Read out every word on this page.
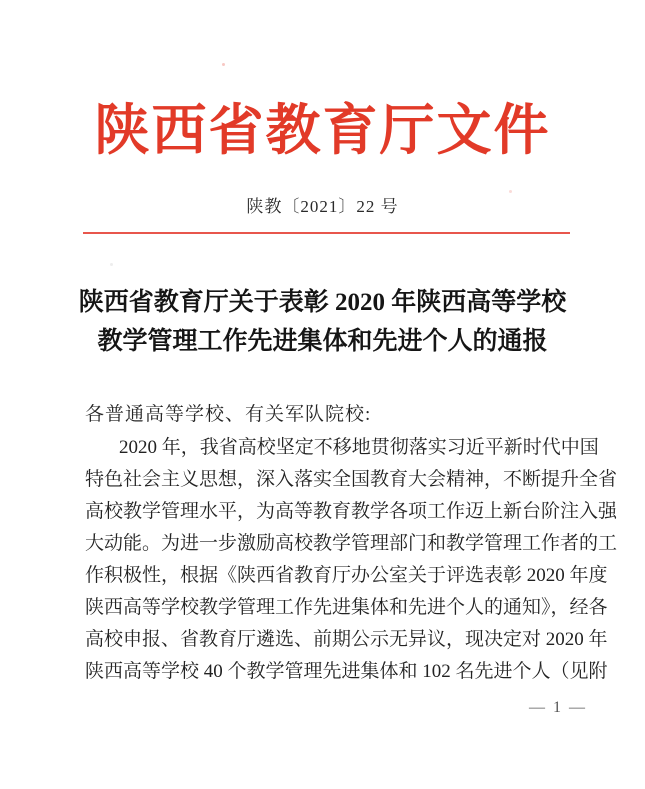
陕西省教育厅文件
陕教〔2021〕22 号
陕西省教育厅关于表彰 2020 年陕西高等学校
教学管理工作先进集体和先进个人的通报
各普通高等学校、有关军队院校:
2020 年，我省高校坚定不移地贯彻落实习近平新时代中国
特色社会主义思想，深入落实全国教育大会精神，不断提升全省
高校教学管理水平，为高等教育教学各项工作迈上新台阶注入强
大动能。为进一步激励高校教学管理部门和教学管理工作者的工
作积极性，根据《陕西省教育厅办公室关于评选表彰 2020 年度
陕西高等学校教学管理工作先进集体和先进个人的通知》，经各
高校申报、省教育厅遴选、前期公示无异议，现决定对 2020 年
陕西高等学校 40 个教学管理先进集体和 102 名先进个人（见附
— 1 —
